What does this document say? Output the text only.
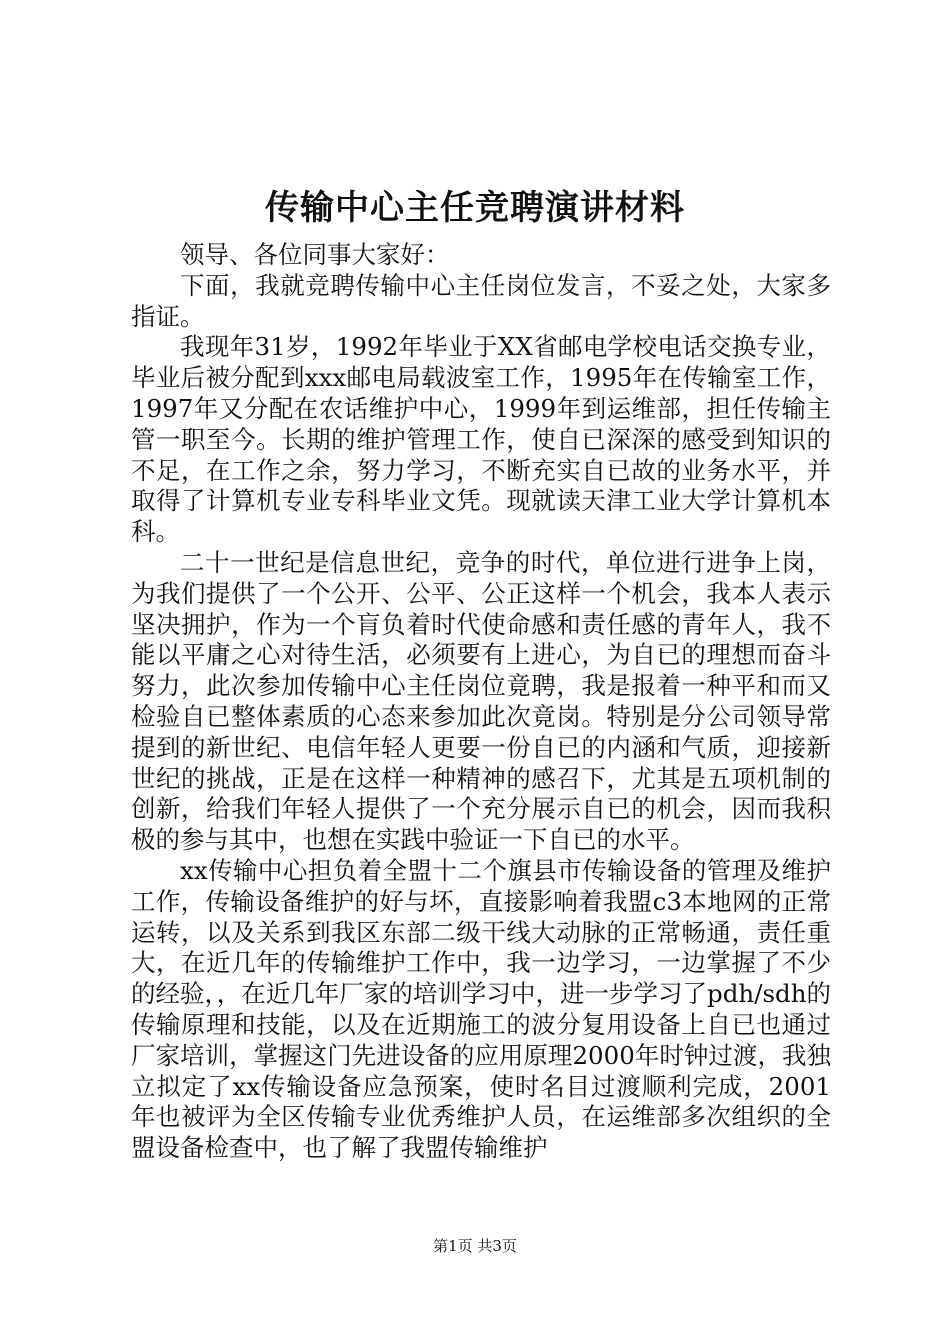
传输中心主任竞聘演讲材料

领导、各位同事大家好：

下面，我就竞聘传输中心主任岗位发言，不妥之处，大家多指证。

我现年31岁，1992年毕业于XX省邮电学校电话交换专业，毕业后被分配到xxx邮电局载波室工作，1995年在传输室工作，1997年又分配在农话维护中心，1999年到运维部，担任传输主管一职至今。长期的维护管理工作，使自已深深的感受到知识的不足，在工作之余，努力学习，不断充实自已故的业务水平，并取得了计算机专业专科毕业文凭。现就读天津工业大学计算机本科。

二十一世纪是信息世纪，竞争的时代，单位进行进争上岗，为我们提供了一个公开、公平、公正这样一个机会，我本人表示坚决拥护，作为一个肓负着时代使命感和责任感的青年人，我不能以平庸之心对待生活，必须要有上进心，为自已的理想而奋斗努力，此次参加传输中心主任岗位竟聘，我是报着一种平和而又检验自已整体素质的心态来参加此次竟岗。特别是分公司领导常提到的新世纪、电信年轻人更要一份自已的内涵和气质，迎接新世纪的挑战，正是在这样一种精神的感召下，尤其是五项机制的创新，给我们年轻人提供了一个充分展示自已的机会，因而我积极的参与其中，也想在实践中验证一下自已的水平。

xx传输中心担负着全盟十二个旗县市传输设备的管理及维护工作，传输设备维护的好与坏，直接影响着我盟c3本地网的正常运转，以及关系到我区东部二级干线大动脉的正常畅通，责任重大，在近几年的传输维护工作中，我一边学习，一边掌握了不少的经验，，在近几年厂家的培训学习中，进一步学习了pdh/sdh的传输原理和技能，以及在近期施工的波分复用设备上自已也通过厂家培训，掌握这门先进设备的应用原理2000年时钟过渡，我独立拟定了xx传输设备应急预案，使时名目过渡顺利完成，2001年也被评为全区传输专业优秀维护人员，在运维部多次组织的全盟设备检查中，也了解了我盟传输维护

第1页 共3页
